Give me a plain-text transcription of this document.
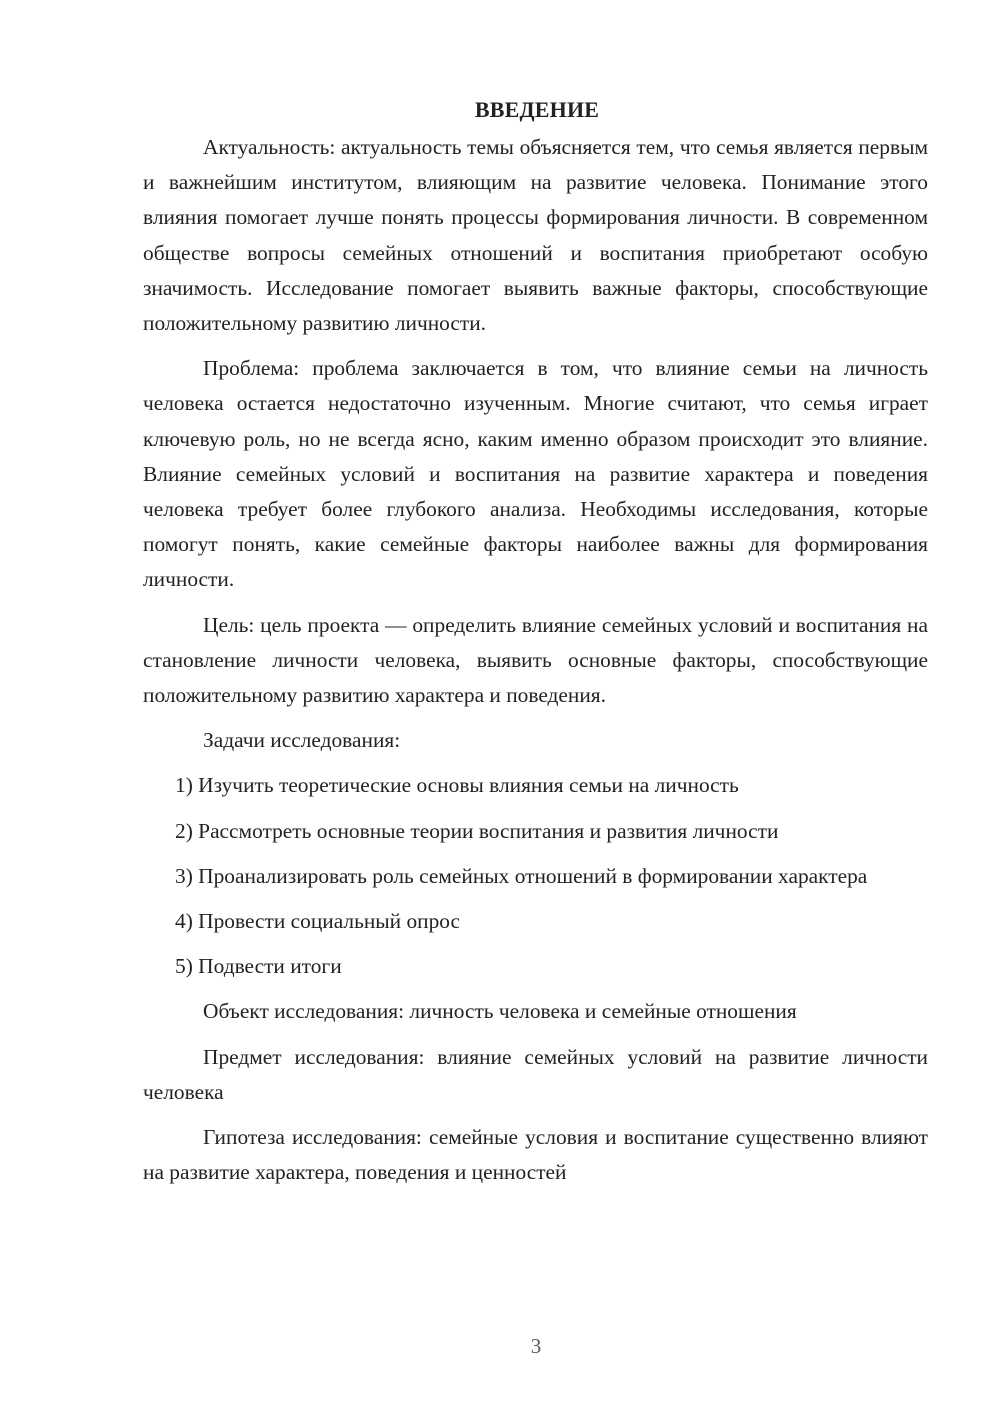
ВВЕДЕНИЕ

Актуальность: актуальность темы объясняется тем, что семья является первым и важнейшим институтом, влияющим на развитие человека. Понимание этого влияния помогает лучше понять процессы формирования личности. В современном обществе вопросы семейных отношений и воспитания приобретают особую значимость. Исследование помогает выявить важные факторы, способствующие положительному развитию личности.

Проблема: проблема заключается в том, что влияние семьи на личность человека остается недостаточно изученным. Многие считают, что семья играет ключевую роль, но не всегда ясно, каким именно образом происходит это влияние. Влияние семейных условий и воспитания на развитие характера и поведения человека требует более глубокого анализа. Необходимы исследования, которые помогут понять, какие семейные факторы наиболее важны для формирования личности.

Цель: цель проекта — определить влияние семейных условий и воспитания на становление личности человека, выявить основные факторы, способствующие положительному развитию характера и поведения.

Задачи исследования:

1) Изучить теоретические основы влияния семьи на личность

2) Рассмотреть основные теории воспитания и развития личности

3) Проанализировать роль семейных отношений в формировании характера

4) Провести социальный опрос

5) Подвести итоги

Объект исследования: личность человека и семейные отношения

Предмет исследования: влияние семейных условий на развитие личности человека

Гипотеза исследования: семейные условия и воспитание существенно влияют на развитие характера, поведения и ценностей

3
